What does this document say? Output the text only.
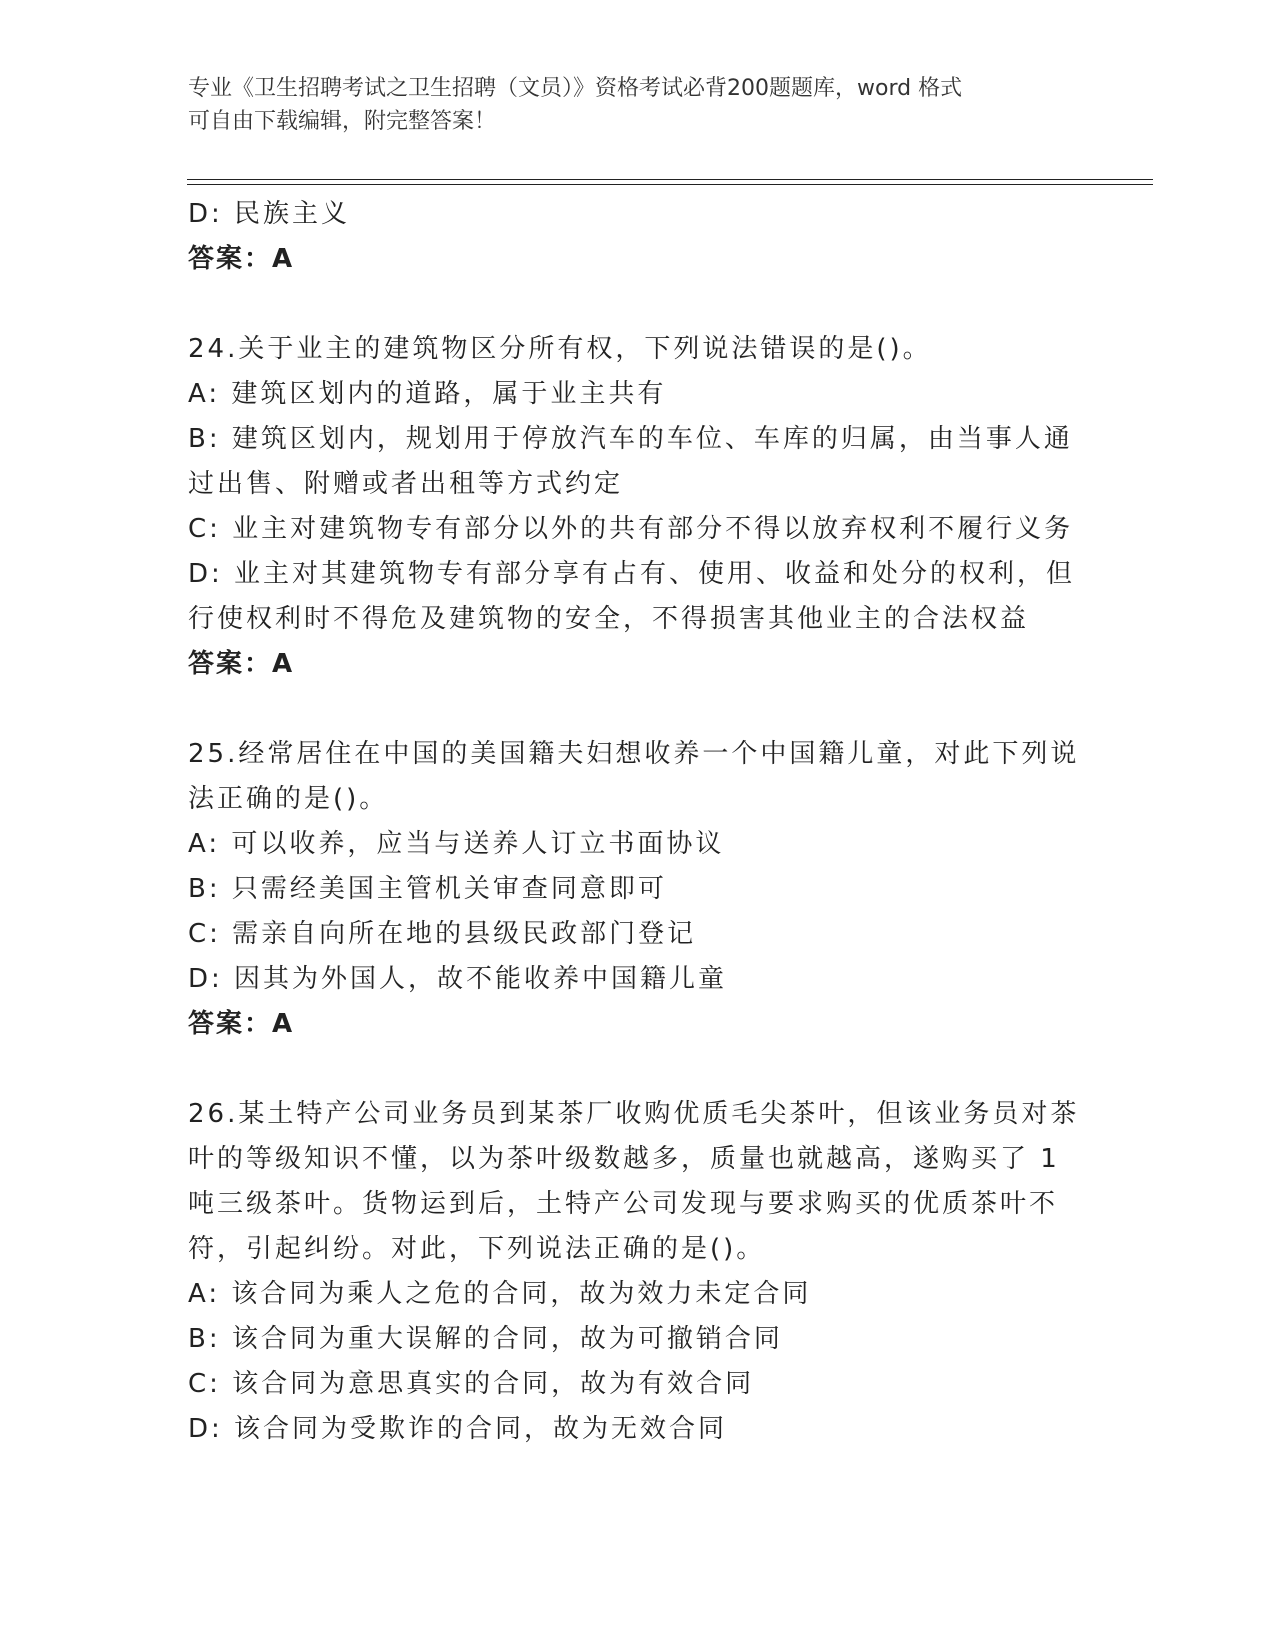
专业《卫生招聘考试之卫生招聘（文员）》资格考试必背200题题库，word 格式
可自由下载编辑，附完整答案！
D: 民族主义
答案：A
24.关于业主的建筑物区分所有权，下列说法错误的是()。
A: 建筑区划内的道路，属于业主共有
B: 建筑区划内，规划用于停放汽车的车位、车库的归属，由当事人通
过出售、附赠或者出租等方式约定
C: 业主对建筑物专有部分以外的共有部分不得以放弃权利不履行义务
D: 业主对其建筑物专有部分享有占有、使用、收益和处分的权利，但
行使权利时不得危及建筑物的安全，不得损害其他业主的合法权益
答案：A
25.经常居住在中国的美国籍夫妇想收养一个中国籍儿童，对此下列说
法正确的是()。
A: 可以收养，应当与送养人订立书面协议
B: 只需经美国主管机关审查同意即可
C: 需亲自向所在地的县级民政部门登记
D: 因其为外国人，故不能收养中国籍儿童
答案：A
26.某土特产公司业务员到某茶厂收购优质毛尖茶叶，但该业务员对茶
叶的等级知识不懂，以为茶叶级数越多，质量也就越高，遂购买了 1
吨三级茶叶。货物运到后，土特产公司发现与要求购买的优质茶叶不
符，引起纠纷。对此，下列说法正确的是()。
A: 该合同为乘人之危的合同，故为效力未定合同
B: 该合同为重大误解的合同，故为可撤销合同
C: 该合同为意思真实的合同，故为有效合同
D: 该合同为受欺诈的合同，故为无效合同
